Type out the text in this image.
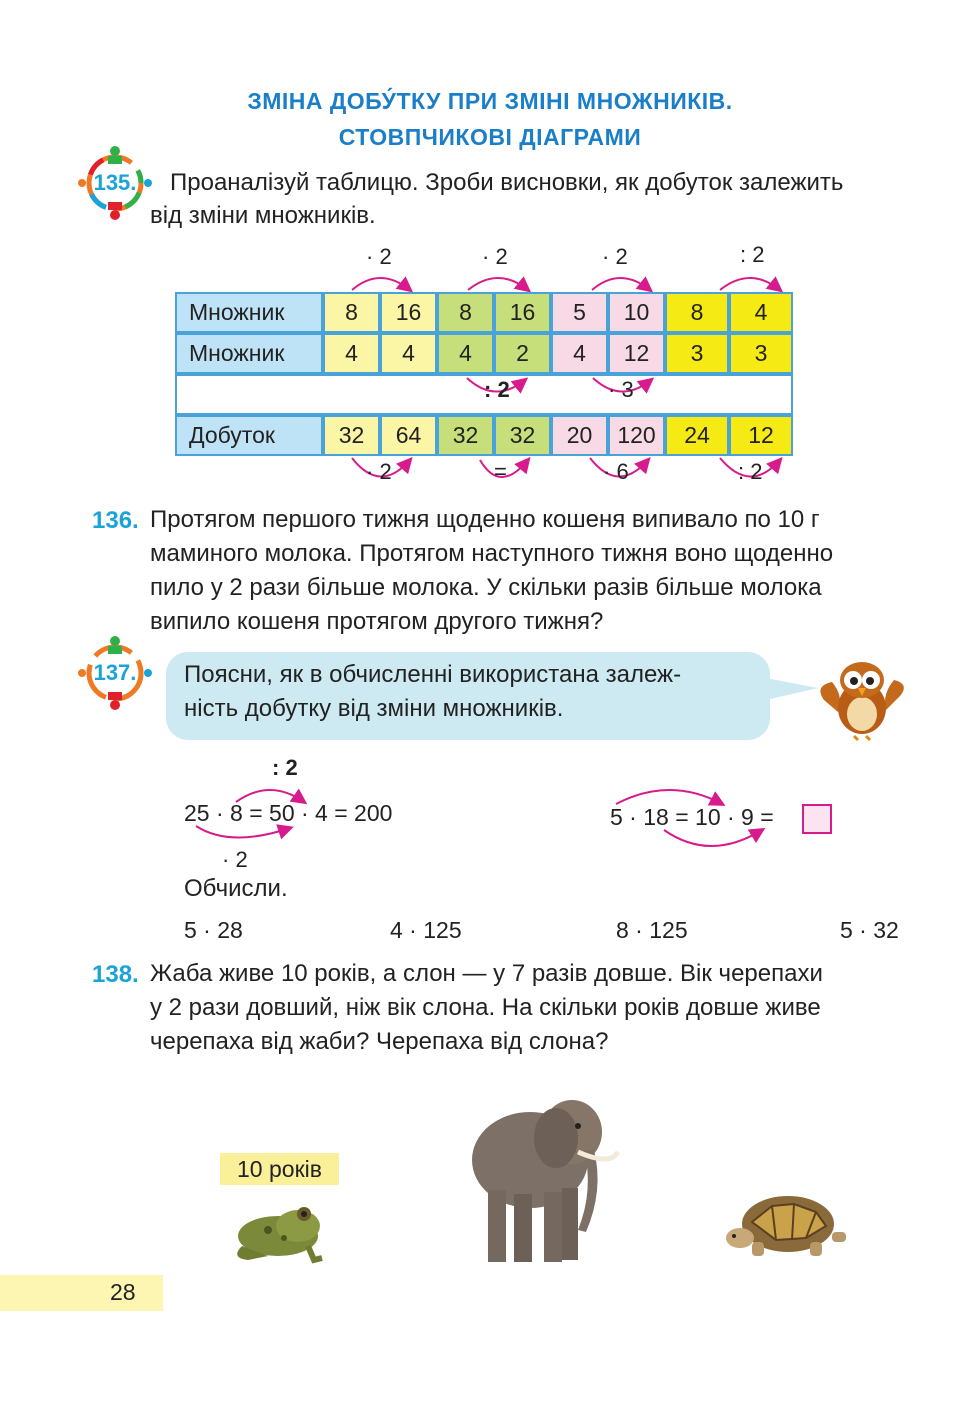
ЗМІНА ДОБУ́ТКУ ПРИ ЗМІНІ МНОЖНИКІВ.
СТОВПЧИКОВІ ДІАГРАМИ
135.	Проаналізуй таблицю. Зроби висновки, як добуток залежить
від зміни множників.
· 2	· 2	· 2	: 2
Множник	8	16	8	16	5	10	8	4
Множник	4	4	4	2	4	12	3	3

Добуток	32	64	32	32	20	120	24	12
: 2	· 3
· 2	=	· 6	: 2
136. Протягом першого тижня щоденно кошеня випивало по 10 г
маминого молока. Протягом наступного тижня воно щоденно
пило у 2 рази більше молока. У скільки разів більше молока
випило кошеня протягом другого тижня?
137.	Поясни, як в обчисленні використана залеж-
ність добутку від зміни множників.
: 2
25 · 8 = 50 · 4 = 200
· 2
5 · 18 = 10 · 9 =
Обчисли.
5 · 28	4 · 125	8 · 125	5 · 32
138. Жаба живе 10 років, а слон — у 7 разів довше. Вік черепахи
у 2 рази довший, ніж вік слона. На скільки років довше живе
черепаха від жаби? Черепаха від слона?
10 років
28
